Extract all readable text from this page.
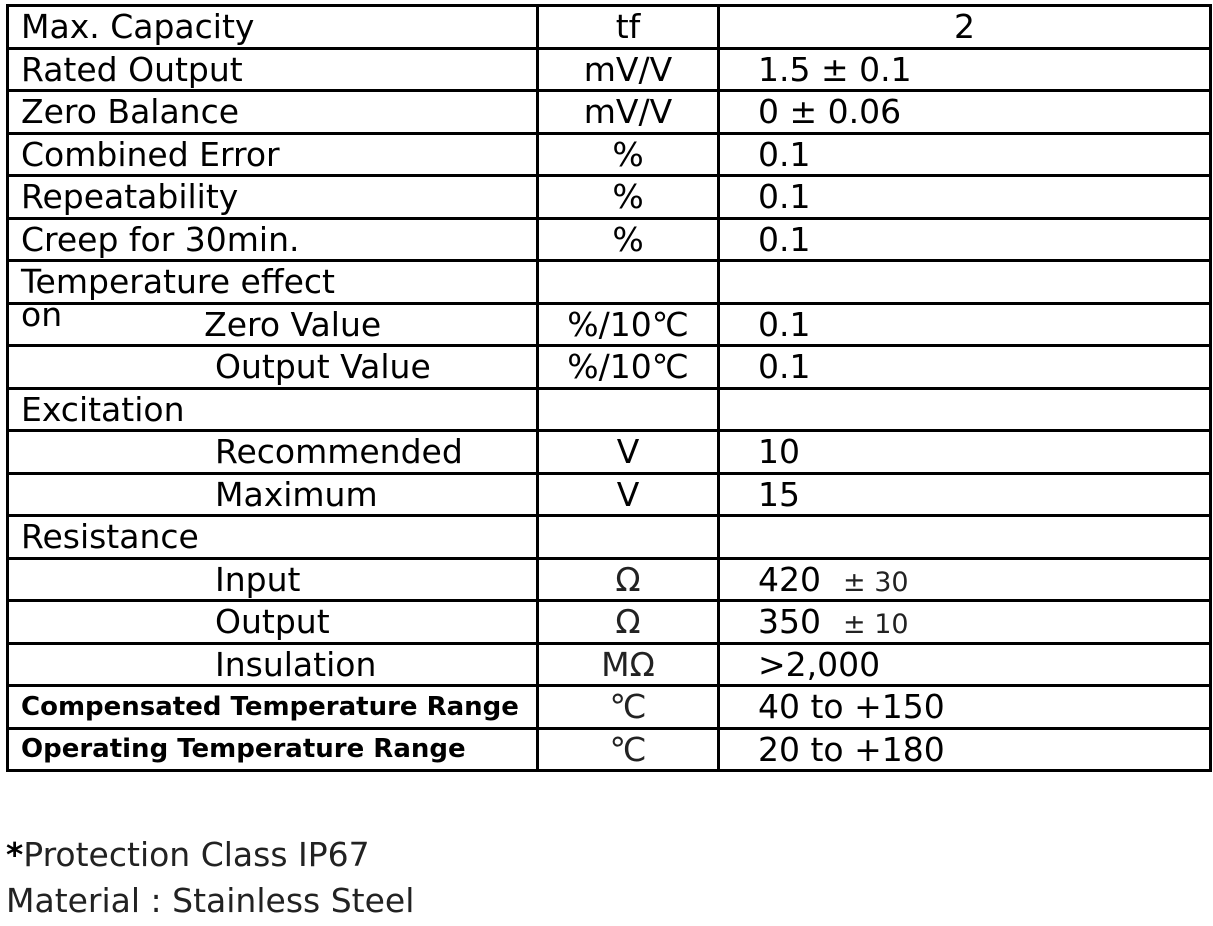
Max. Capacity	tf	2
Rated Output	mV/V	1.5 ± 0.1
Zero Balance	mV/V	0 ± 0.06
Combined Error	%	0.1
Repeatability	%	0.1
Creep for 30min.	%	0.1
Temperature effect		
on Zero Value	%/10℃	0.1
Output Value	%/10℃	0.1
Excitation		
Recommended	V	10
Maximum	V	15
Resistance		
Input	Ω	420 ± 30
Output	Ω	350 ± 10
Insulation	MΩ	>2,000
Compensated Temperature Range	℃	40 to +150
Operating Temperature Range	℃	20 to +180
*Protection Class IP67
Material : Stainless Steel
